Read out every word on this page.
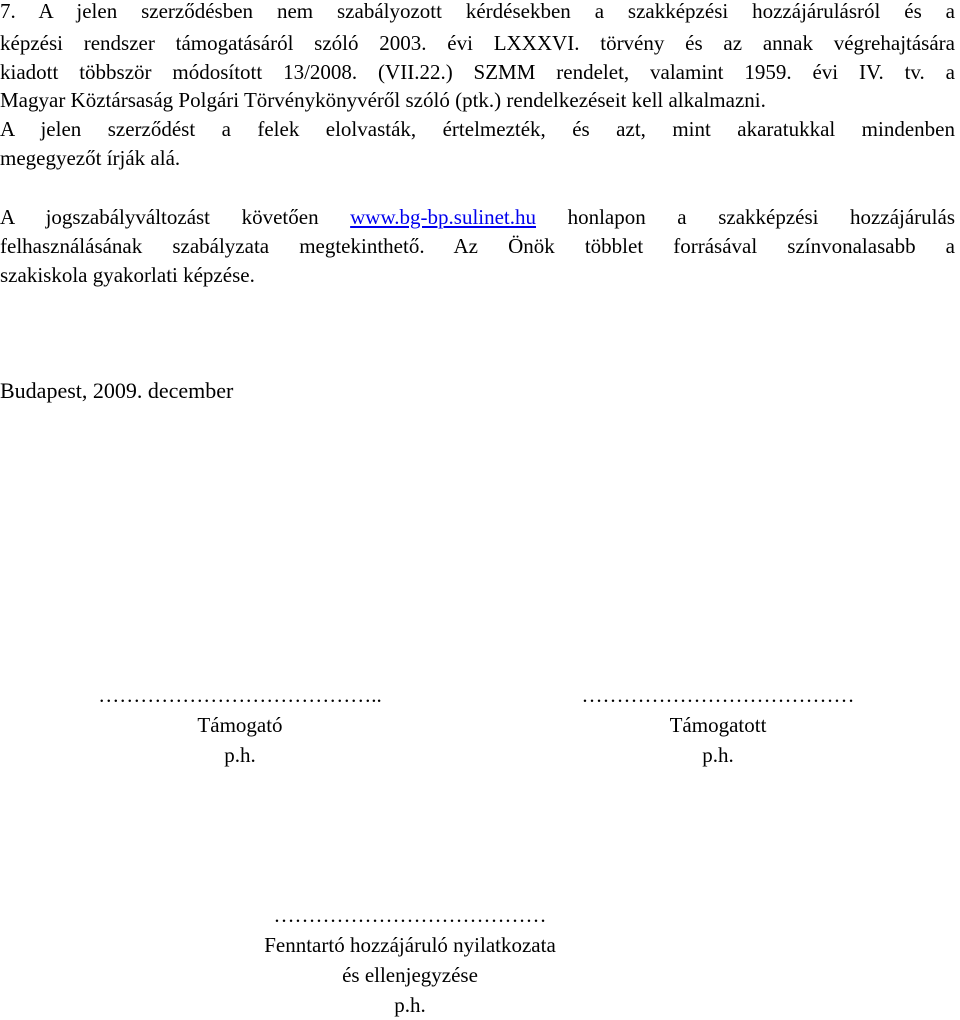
7. A jelen szerződésben nem szabályozott kérdésekben a szakképzési hozzájárulásról és a
képzési rendszer támogatásáról szóló 2003. évi LXXXVI. törvény és az annak végrehajtására
kiadott többször módosított 13/2008. (VII.22.) SZMM rendelet, valamint 1959. évi IV. tv. a
Magyar Köztársaság Polgári Törvénykönyvéről szóló (ptk.) rendelkezéseit kell alkalmazni.
A jelen szerződést a felek elolvasták, értelmezték, és azt, mint akaratukkal mindenben
megegyezőt írják alá.
A jogszabályváltozást követően www.bg-bp.sulinet.hu honlapon a szakképzési hozzájárulás
felhasználásának szabályzata megtekinthető. Az Önök többlet forrásával színvonalasabb a
szakiskola gyakorlati képzése.
Budapest, 2009. december
…………………………………..
Támogató
p.h.
…………………………………
Támogatott
p.h.
…………………………………
Fenntartó hozzájáruló nyilatkozata
és ellenjegyzése
p.h.
